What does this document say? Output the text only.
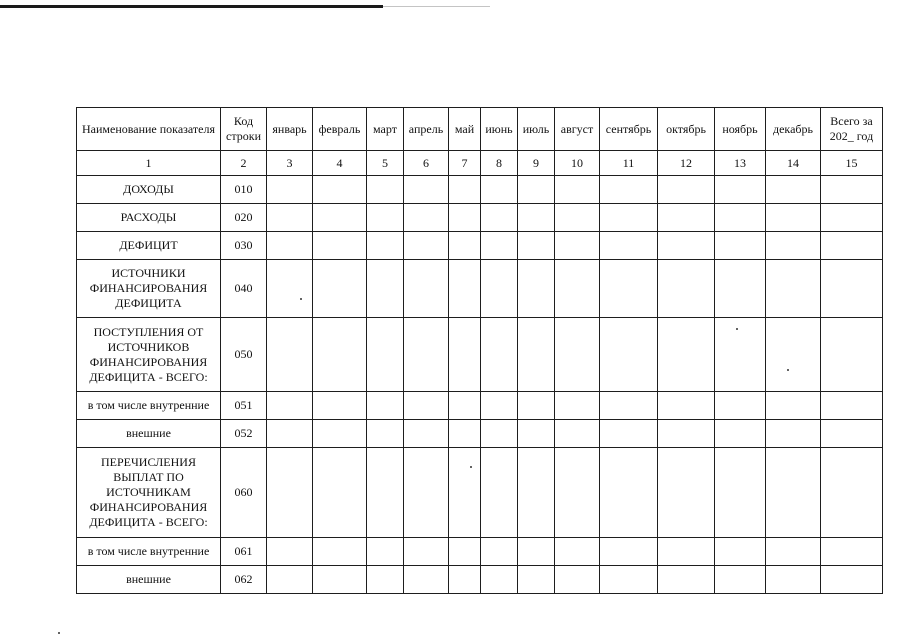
Наименование показателя	Код строки	январь	февраль	март	апрель	май	июнь	июль	август	сентябрь	октябрь	ноябрь	декабрь	Всего за 202_ год
1	2	3	4	5	6	7	8	9	10	11	12	13	14	15
ДОХОДЫ	010													
РАСХОДЫ	020													
ДЕФИЦИТ	030													
ИСТОЧНИКИ ФИНАНСИРОВАНИЯ ДЕФИЦИТА	040													
ПОСТУПЛЕНИЯ ОТ ИСТОЧНИКОВ ФИНАНСИРОВАНИЯ ДЕФИЦИТА - ВСЕГО:	050													
в том числе внутренние	051													
внешние	052													
ПЕРЕЧИСЛЕНИЯ ВЫПЛАТ ПО ИСТОЧНИКАМ ФИНАНСИРОВАНИЯ ДЕФИЦИТА - ВСЕГО:	060													
в том числе внутренние	061													
внешние	062													
